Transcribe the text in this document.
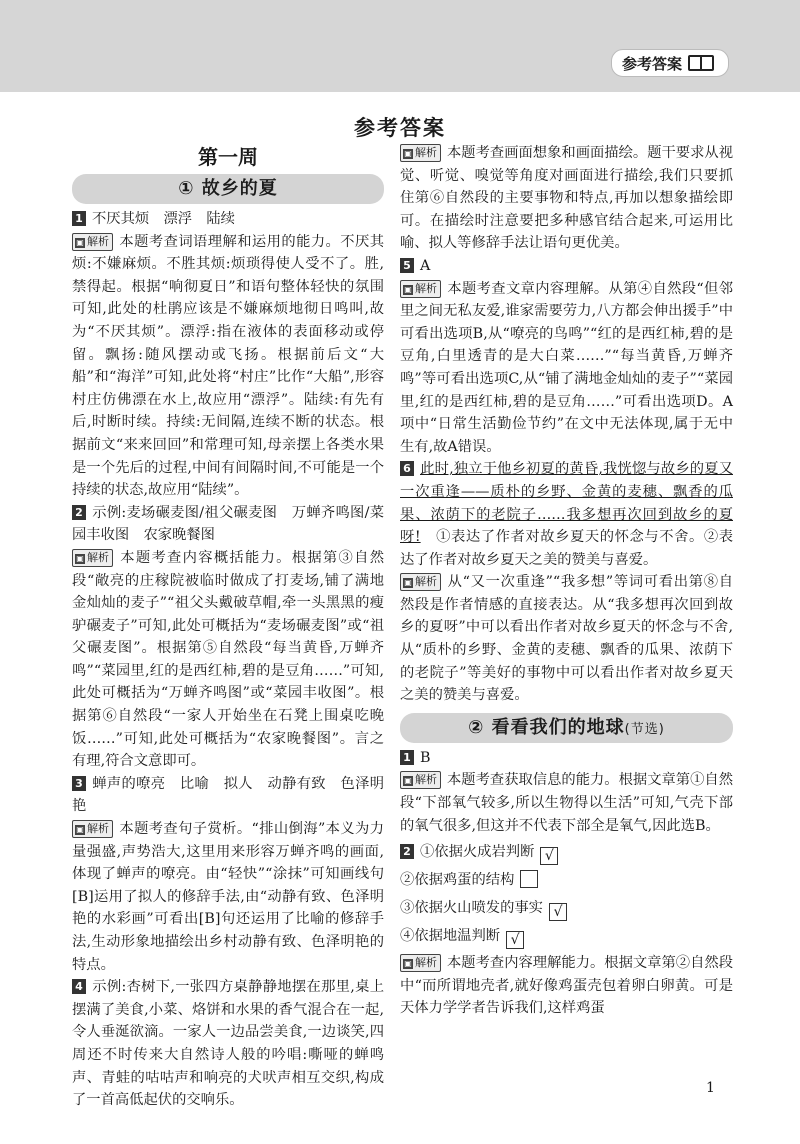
参考答案
参考答案
第一周
① 故乡的夏

1 不厌其烦　漂浮　陆续

▣ 解析 本题考查词语理解和运用的能力。不厌其烦:不嫌麻烦。不胜其烦:烦琐得使人受不了。胜,禁得起。根据“响彻夏日”和语句整体轻快的氛围可知,此处的杜鹃应该是不嫌麻烦地彻日鸣叫,故为“不厌其烦”。漂浮:指在液体的表面移动或停留。飘扬:随风摆动或飞扬。根据前后文“大船”和“海洋”可知,此处将“村庄”比作“大船”,形容村庄仿佛漂在水上,故应用“漂浮”。陆续:有先有后,时断时续。持续:无间隔,连续不断的状态。根据前文“来来回回”和常理可知,母亲摆上各类水果是一个先后的过程,中间有间隔时间,不可能是一个持续的状态,故应用“陆续”。

2 示例:麦场碾麦图/祖父碾麦图　万蝉齐鸣图/菜园丰收图　农家晚餐图

▣ 解析 本题考查内容概括能力。根据第③自然段“敞亮的庄稼院被临时做成了打麦场,铺了满地金灿灿的麦子”“祖父头戴破草帽,牵一头黑黑的瘦驴碾麦子”可知,此处可概括为“麦场碾麦图”或“祖父碾麦图”。根据第⑤自然段“每当黄昏,万蝉齐鸣”“菜园里,红的是西红柿,碧的是豆角……”可知,此处可概括为“万蝉齐鸣图”或“菜园丰收图”。根据第⑥自然段“一家人开始坐在石凳上围桌吃晚饭……”可知,此处可概括为“农家晚餐图”。言之有理,符合文意即可。

3 蝉声的嘹亮　比喻　拟人　动静有致　色泽明艳

▣ 解析 本题考查句子赏析。“排山倒海”本义为力量强盛,声势浩大,这里用来形容万蝉齐鸣的画面,体现了蝉声的嘹亮。由“轻快”“涂抹”可知画线句[B]运用了拟人的修辞手法,由“动静有致、色泽明艳的水彩画”可看出[B]句还运用了比喻的修辞手法,生动形象地描绘出乡村动静有致、色泽明艳的特点。

4 示例:杏树下,一张四方桌静静地摆在那里,桌上摆满了美食,小菜、烙饼和水果的香气混合在一起,令人垂涎欲滴。一家人一边品尝美食,一边谈笑,四周还不时传来大自然诗人般的吟唱:嘶哑的蝉鸣声、青蛙的咕咕声和响亮的犬吠声相互交织,构成了一首高低起伏的交响乐。

▣ 解析 本题考查画面想象和画面描绘。题干要求从视觉、听觉、嗅觉等角度对画面进行描绘,我们只要抓住第⑥自然段的主要事物和特点,再加以想象描绘即可。在描绘时注意要把多种感官结合起来,可运用比喻、拟人等修辞手法让语句更优美。

5 A

▣ 解析 本题考查文章内容理解。从第④自然段“但邻里之间无私友爱,谁家需要劳力,八方都会伸出援手”中可看出选项B,从“嘹亮的鸟鸣”“红的是西红柿,碧的是豆角,白里透青的是大白菜……”“每当黄昏,万蝉齐鸣”等可看出选项C,从“铺了满地金灿灿的麦子”“菜园里,红的是西红柿,碧的是豆角……”可看出选项D。A项中“日常生活勤俭节约”在文中无法体现,属于无中生有,故A错误。

6 此时,独立于他乡初夏的黄昏,我恍惚与故乡的夏又一次重逢——质朴的乡野、金黄的麦穗、飘香的瓜果、浓荫下的老院子……我多想再次回到故乡的夏呀!　 ①表达了作者对故乡夏天的怀念与不舍。②表达了作者对故乡夏天之美的赞美与喜爱。

▣ 解析 从“又一次重逢”“我多想”等词可看出第⑧自然段是作者情感的直接表达。从“我多想再次回到故乡的夏呀”中可以看出作者对故乡夏天的怀念与不舍,从“质朴的乡野、金黄的麦穗、飘香的瓜果、浓荫下的老院子”等美好的事物中可以看出作者对故乡夏天之美的赞美与喜爱。

② 看看我们的地球(节选)

1 B

▣ 解析 本题考查获取信息的能力。根据文章第①自然段“下部氧气较多,所以生物得以生活”可知,气壳下部的氧气很多,但这并不代表下部全是氧气,因此选B。

2 ①依据火成岩判断 √
②依据鸡蛋的结构
③依据火山喷发的事实 √
④依据地温判断 √

▣ 解析 本题考查内容理解能力。根据文章第②自然段中“而所谓地壳者,就好像鸡蛋壳包着卵白卵黄。可是天体力学学者告诉我们,这样鸡蛋

1
